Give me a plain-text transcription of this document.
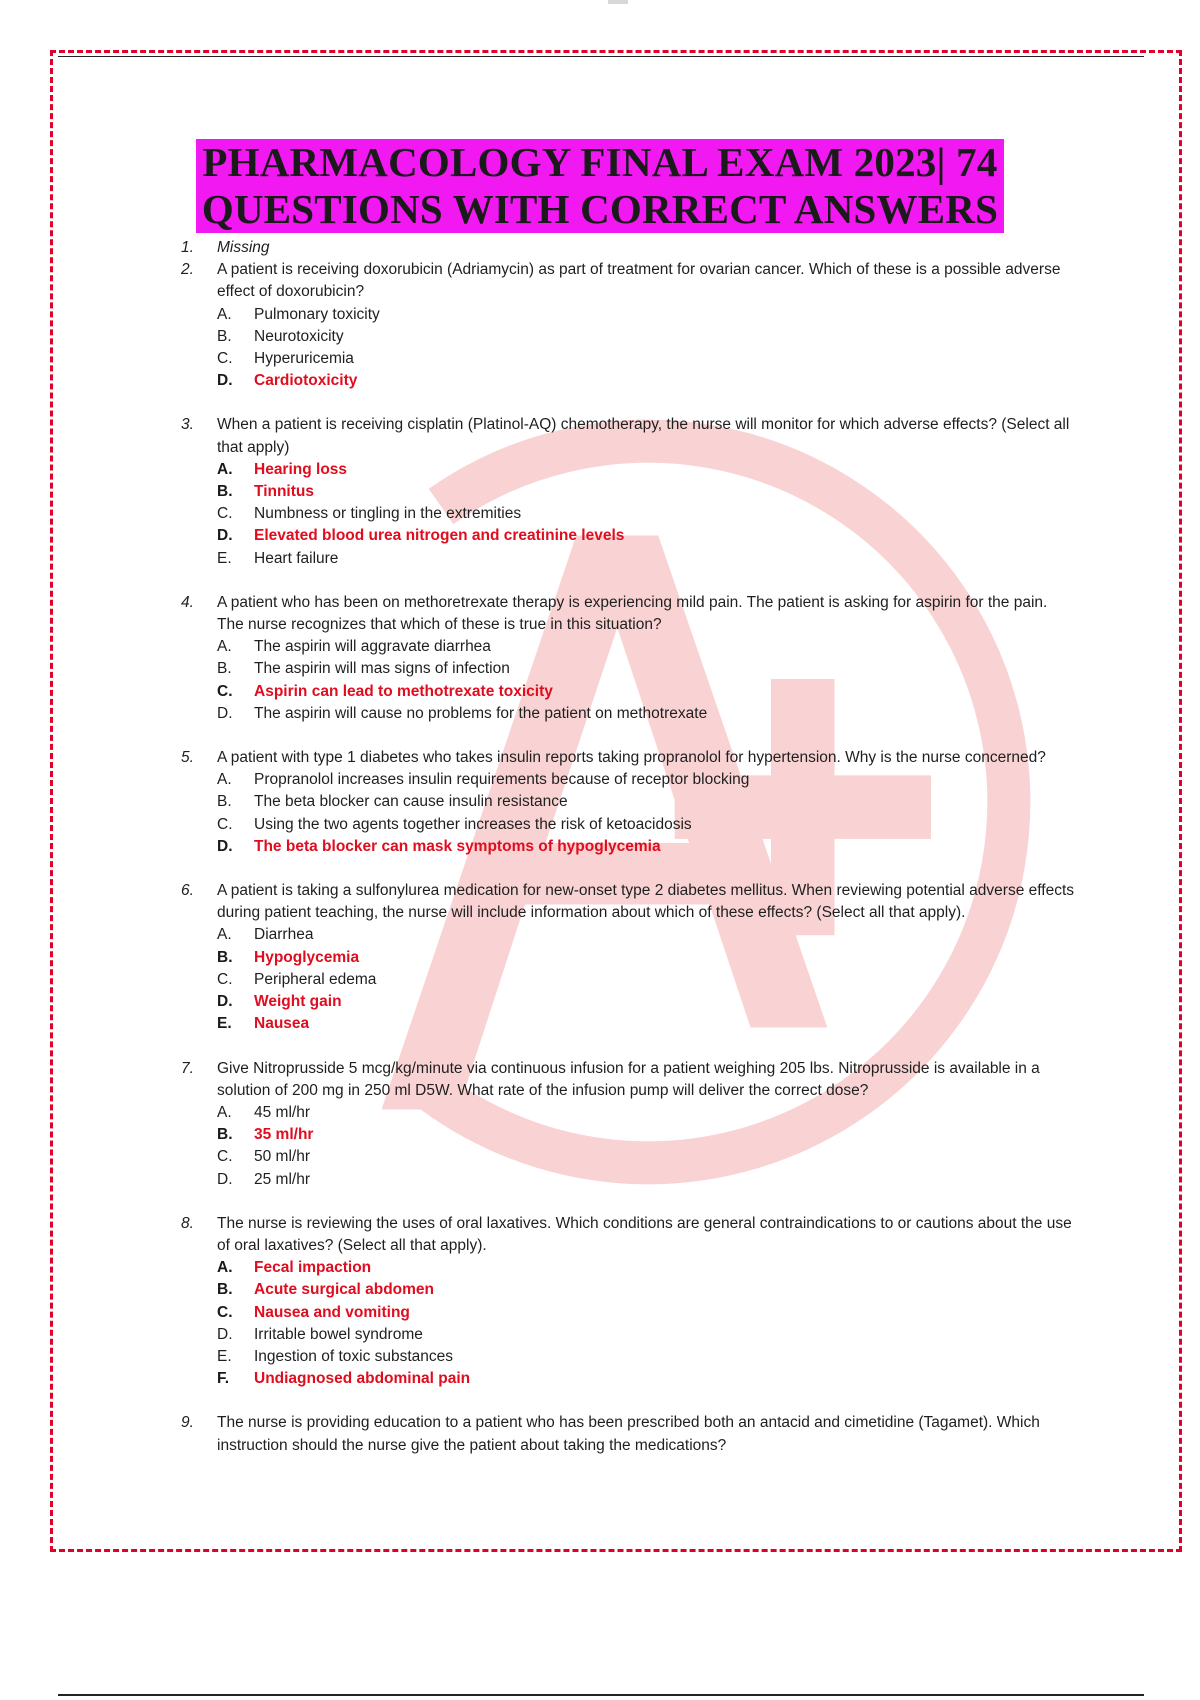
PHARMACOLOGY FINAL EXAM 2023| 74
QUESTIONS WITH CORRECT ANSWERS
1. Missing
2. A patient is receiving doxorubicin (Adriamycin) as part of treatment for ovarian cancer. Which of these is a possible adverse effect of doxorubicin?
A. Pulmonary toxicity
B. Neurotoxicity
C. Hyperuricemia
D. Cardiotoxicity
3. When a patient is receiving cisplatin (Platinol-AQ) chemotherapy, the nurse will monitor for which adverse effects? (Select all that apply)
A. Hearing loss
B. Tinnitus
C. Numbness or tingling in the extremities
D. Elevated blood urea nitrogen and creatinine levels
E. Heart failure
4. A patient who has been on methoretrexate therapy is experiencing mild pain. The patient is asking for aspirin for the pain. The nurse recognizes that which of these is true in this situation?
A. The aspirin will aggravate diarrhea
B. The aspirin will mas signs of infection
C. Aspirin can lead to methotrexate toxicity
D. The aspirin will cause no problems for the patient on methotrexate
5. A patient with type 1 diabetes who takes insulin reports taking propranolol for hypertension. Why is the nurse concerned?
A. Propranolol increases insulin requirements because of receptor blocking
B. The beta blocker can cause insulin resistance
C. Using the two agents together increases the risk of ketoacidosis
D. The beta blocker can mask symptoms of hypoglycemia
6. A patient is taking a sulfonylurea medication for new-onset type 2 diabetes mellitus. When reviewing potential adverse effects during patient teaching, the nurse will include information about which of these effects? (Select all that apply).
A. Diarrhea
B. Hypoglycemia
C. Peripheral edema
D. Weight gain
E. Nausea
7. Give Nitroprusside 5 mcg/kg/minute via continuous infusion for a patient weighing 205 lbs. Nitroprusside is available in a solution of 200 mg in 250 ml D5W. What rate of the infusion pump will deliver the correct dose?
A. 45 ml/hr
B. 35 ml/hr
C. 50 ml/hr
D. 25 ml/hr
8. The nurse is reviewing the uses of oral laxatives. Which conditions are general contraindications to or cautions about the use of oral laxatives? (Select all that apply).
A. Fecal impaction
B. Acute surgical abdomen
C. Nausea and vomiting
D. Irritable bowel syndrome
E. Ingestion of toxic substances
F. Undiagnosed abdominal pain
9. The nurse is providing education to a patient who has been prescribed both an antacid and cimetidine (Tagamet). Which instruction should the nurse give the patient about taking the medications?
